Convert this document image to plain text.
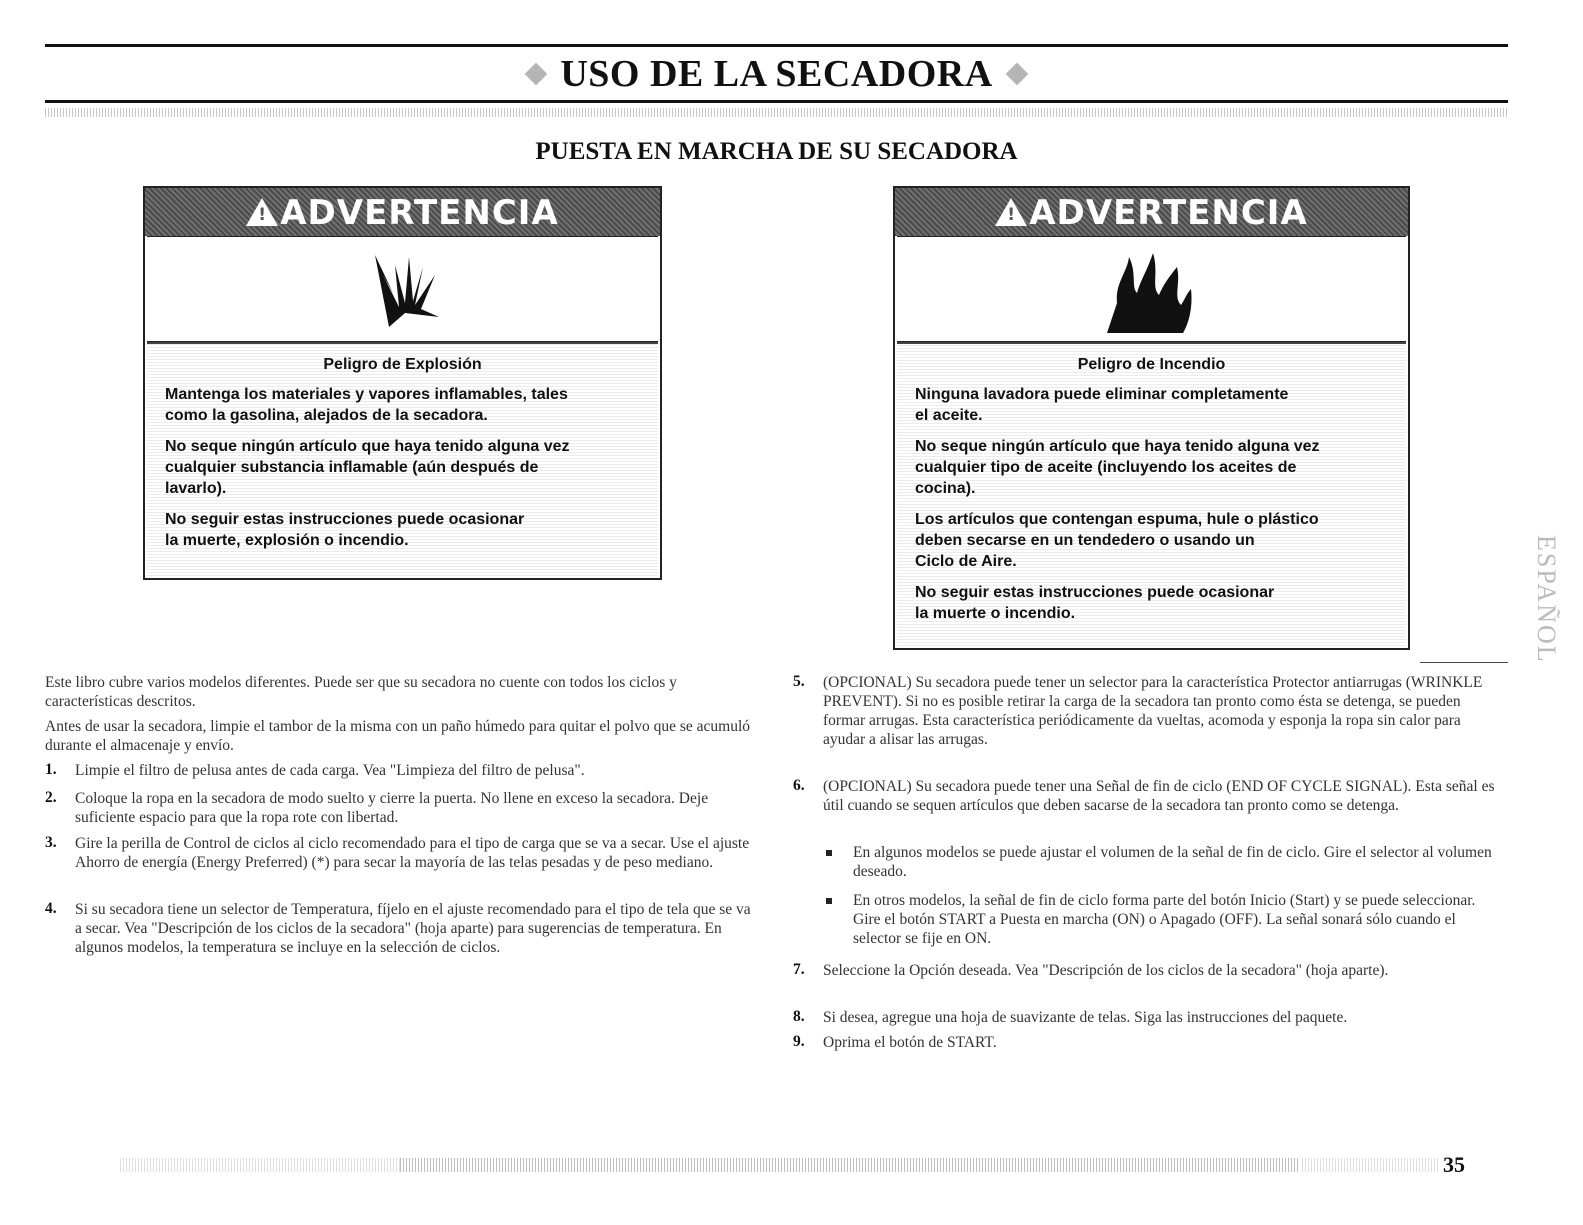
USO DE LA SECADORA
PUESTA EN MARCHA DE SU SECADORA
!ADVERTENCIA
Peligro de Explosión

Mantenga los materiales y vapores inflamables, tales
como la gasolina, alejados de la secadora.

No seque ningún artículo que haya tenido alguna vez
cualquier substancia inflamable (aún después de
lavarlo).

No seguir estas instrucciones puede ocasionar
la muerte, explosión o incendio.

!ADVERTENCIA
Peligro de Incendio

Ninguna lavadora puede eliminar completamente
el aceite.

No seque ningún artículo que haya tenido alguna vez
cualquier tipo de aceite (incluyendo los aceites de
cocina).

Los artículos que contengan espuma, hule o plástico
deben secarse en un tendedero o usando un
Ciclo de Aire.

No seguir estas instrucciones puede ocasionar
la muerte o incendio.	ESPAÑOL

Este libro cubre varios modelos diferentes. Puede ser que su secadora no cuente con todos los ciclos y características descritos.

Antes de usar la secadora, limpie el tambor de la misma con un paño húmedo para quitar el polvo que se acumuló durante el almacenaje y envío.

1. Limpie el filtro de pelusa antes de cada carga. Vea "Limpieza del filtro de pelusa".

2. Coloque la ropa en la secadora de modo suelto y cierre la puerta. No llene en exceso la secadora. Deje suficiente espacio para que la ropa rote con libertad.

3. Gire la perilla de Control de ciclos al ciclo recomendado para el tipo de carga que se va a secar. Use el ajuste Ahorro de energía (Energy Preferred) (*) para secar la mayoría de las telas pesadas y de peso mediano.

4. Si su secadora tiene un selector de Temperatura, fíjelo en el ajuste recomendado para el tipo de tela que se va a secar. Vea "Descripción de los ciclos de la secadora" (hoja aparte) para sugerencias de temperatura. En algunos modelos, la temperatura se incluye en la selección de ciclos.

5. (OPCIONAL) Su secadora puede tener un selector para la característica Protector antiarrugas (WRINKLE PREVENT). Si no es posible retirar la carga de la secadora tan pronto como ésta se detenga, se pueden formar arrugas. Esta característica periódicamente da vueltas, acomoda y esponja la ropa sin calor para ayudar a alisar las arrugas.

6. (OPCIONAL) Su secadora puede tener una Señal de fin de ciclo (END OF CYCLE SIGNAL). Esta señal es útil cuando se sequen artículos que deben sacarse de la secadora tan pronto como se detenga.

En algunos modelos se puede ajustar el volumen de la señal de fin de ciclo. Gire el selector al volumen deseado.

En otros modelos, la señal de fin de ciclo forma parte del botón Inicio (Start) y se puede seleccionar. Gire el botón START a Puesta en marcha (ON) o Apagado (OFF). La señal sonará sólo cuando el selector se fije en ON.

7. Seleccione la Opción deseada. Vea "Descripción de los ciclos de la secadora" (hoja aparte).

8. Si desea, agregue una hoja de suavizante de telas. Siga las instrucciones del paquete.

9. Oprima el botón de START.

35
